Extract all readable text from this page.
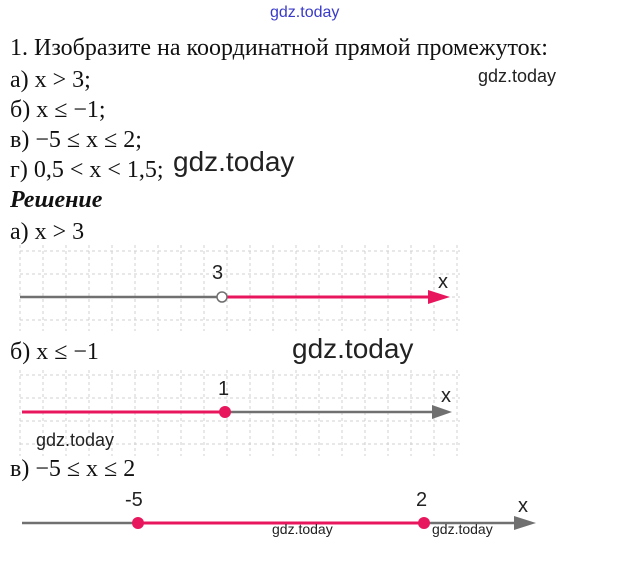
gdz.today
1. Изобразите на координатной прямой промежуток:
а) x > 3;	gdz.today
б) x ≤ −1;
в) −5 ≤ x ≤ 2;
г) 0,5 < x < 1,5; gdz.today
Решение
а) x > 3
3	x
б) x ≤ −1	gdz.today
1	x
gdz.today
в) −5 ≤ x ≤ 2
-5	2	x
gdz.today	gdz.today
